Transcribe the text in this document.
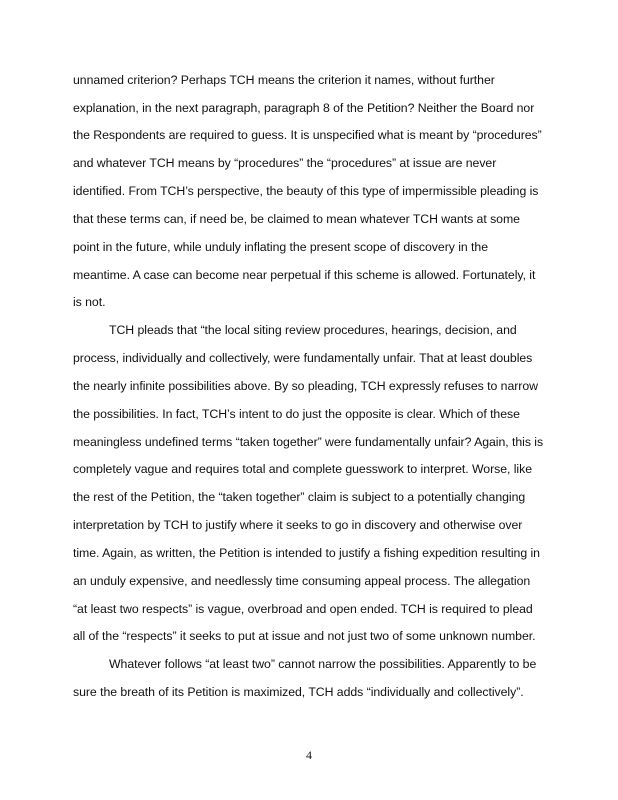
unnamed criterion? Perhaps TCH means the criterion it names, without further

explanation, in the next paragraph, paragraph 8 of the Petition? Neither the Board nor

the Respondents are required to guess. It is unspecified what is meant by “procedures”

and whatever TCH means by “procedures” the “procedures” at issue are never

identified. From TCH’s perspective, the beauty of this type of impermissible pleading is

that these terms can, if need be, be claimed to mean whatever TCH wants at some

point in the future, while unduly inflating the present scope of discovery in the

meantime. A case can become near perpetual if this scheme is allowed. Fortunately, it

is not.

TCH pleads that “the local siting review procedures, hearings, decision, and

process, individually and collectively, were fundamentally unfair. That at least doubles

the nearly infinite possibilities above. By so pleading, TCH expressly refuses to narrow

the possibilities. In fact, TCH’s intent to do just the opposite is clear. Which of these

meaningless undefined terms “taken together” were fundamentally unfair? Again, this is

completely vague and requires total and complete guesswork to interpret. Worse, like

the rest of the Petition, the “taken together” claim is subject to a potentially changing

interpretation by TCH to justify where it seeks to go in discovery and otherwise over

time. Again, as written, the Petition is intended to justify a fishing expedition resulting in

an unduly expensive, and needlessly time consuming appeal process. The allegation

“at least two respects” is vague, overbroad and open ended. TCH is required to plead

all of the “respects” it seeks to put at issue and not just two of some unknown number.

Whatever follows “at least two” cannot narrow the possibilities. Apparently to be

sure the breath of its Petition is maximized, TCH adds “individually and collectively”.

4
